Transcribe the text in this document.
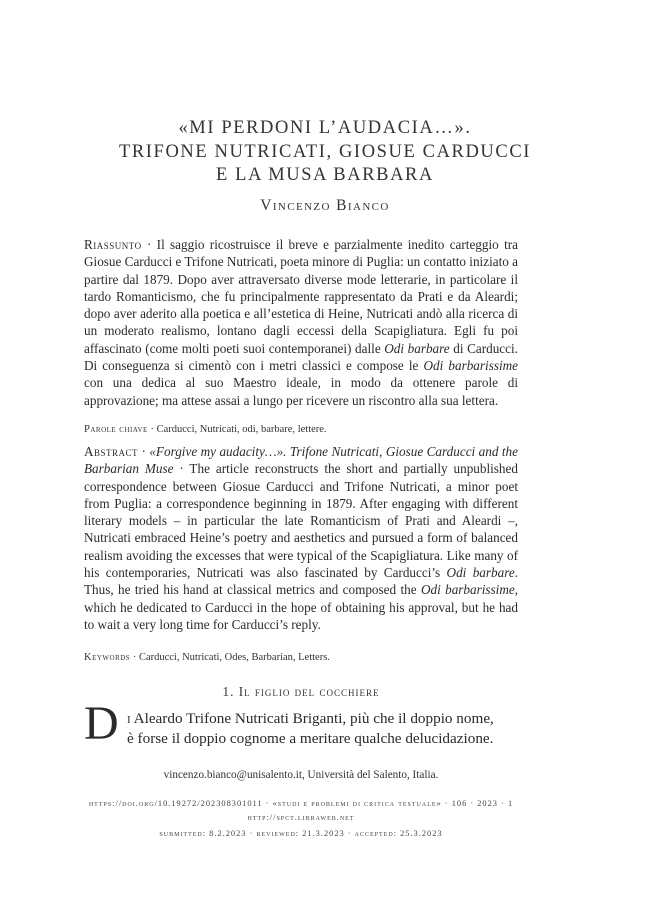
«MI PERDONI L’AUDACIA…».
TRIFONE NUTRICATI, GIOSUE CARDUCCI
E LA MUSA BARBARA
Vincenzo Bianco
Riassunto · Il saggio ricostruisce il breve e parzialmente inedito carteggio tra Giosue Carducci e Trifone Nutricati, poeta minore di Puglia: un contatto iniziato a partire dal 1879. Dopo aver attraversato diverse mode letterarie, in particolare il tardo Romanticismo, che fu principalmente rappresentato da Prati e da Aleardi; dopo aver aderito alla poetica e all’estetica di Heine, Nutricati andò alla ricerca di un moderato realismo, lontano dagli eccessi della Scapigliatura. Egli fu poi affascinato (come molti poeti suoi contemporanei) dalle Odi barbare di Carducci. Di conseguenza si cimentò con i metri classici e compose le Odi barbarissime con una dedica al suo Maestro ideale, in modo da ottenere parole di approvazione; ma attese assai a lungo per ricevere un riscontro alla sua lettera.
Parole chiave · Carducci, Nutricati, odi, barbare, lettere.
Abstract · «Forgive my audacity…». Trifone Nutricati, Giosue Carducci and the Barbarian Muse · The article reconstructs the short and partially unpublished correspondence between Giosue Carducci and Trifone Nutricati, a minor poet from Puglia: a correspondence beginning in 1879. After engaging with different literary models – in particular the late Romanticism of Prati and Aleardi –, Nutricati embraced Heine’s poetry and aesthetics and pursued a form of balanced realism avoiding the excesses that were typical of the Scapigliatura. Like many of his contemporaries, Nutricati was also fascinated by Carducci’s Odi barbare. Thus, he tried his hand at classical metrics and composed the Odi barbarissime, which he dedicated to Carducci in the hope of obtaining his approval, but he had to wait a very long time for Carducci’s reply.
Keywords · Carducci, Nutricati, Odes, Barbarian, Letters.
1. Il figlio del cocchiere
D i Aleardo Trifone Nutricati Briganti, più che il doppio nome,
è forse il doppio cognome a meritare qualche delucidazione.
vincenzo.bianco@unisalento.it, Università del Salento, Italia.
https://doi.org/10.19272/202308301011 · «studi e problemi di critica testuale» · 106 · 2023 · 1
http://spct.libraweb.net
submitted: 8.2.2023 · reviewed: 21.3.2023 · accepted: 25.3.2023
